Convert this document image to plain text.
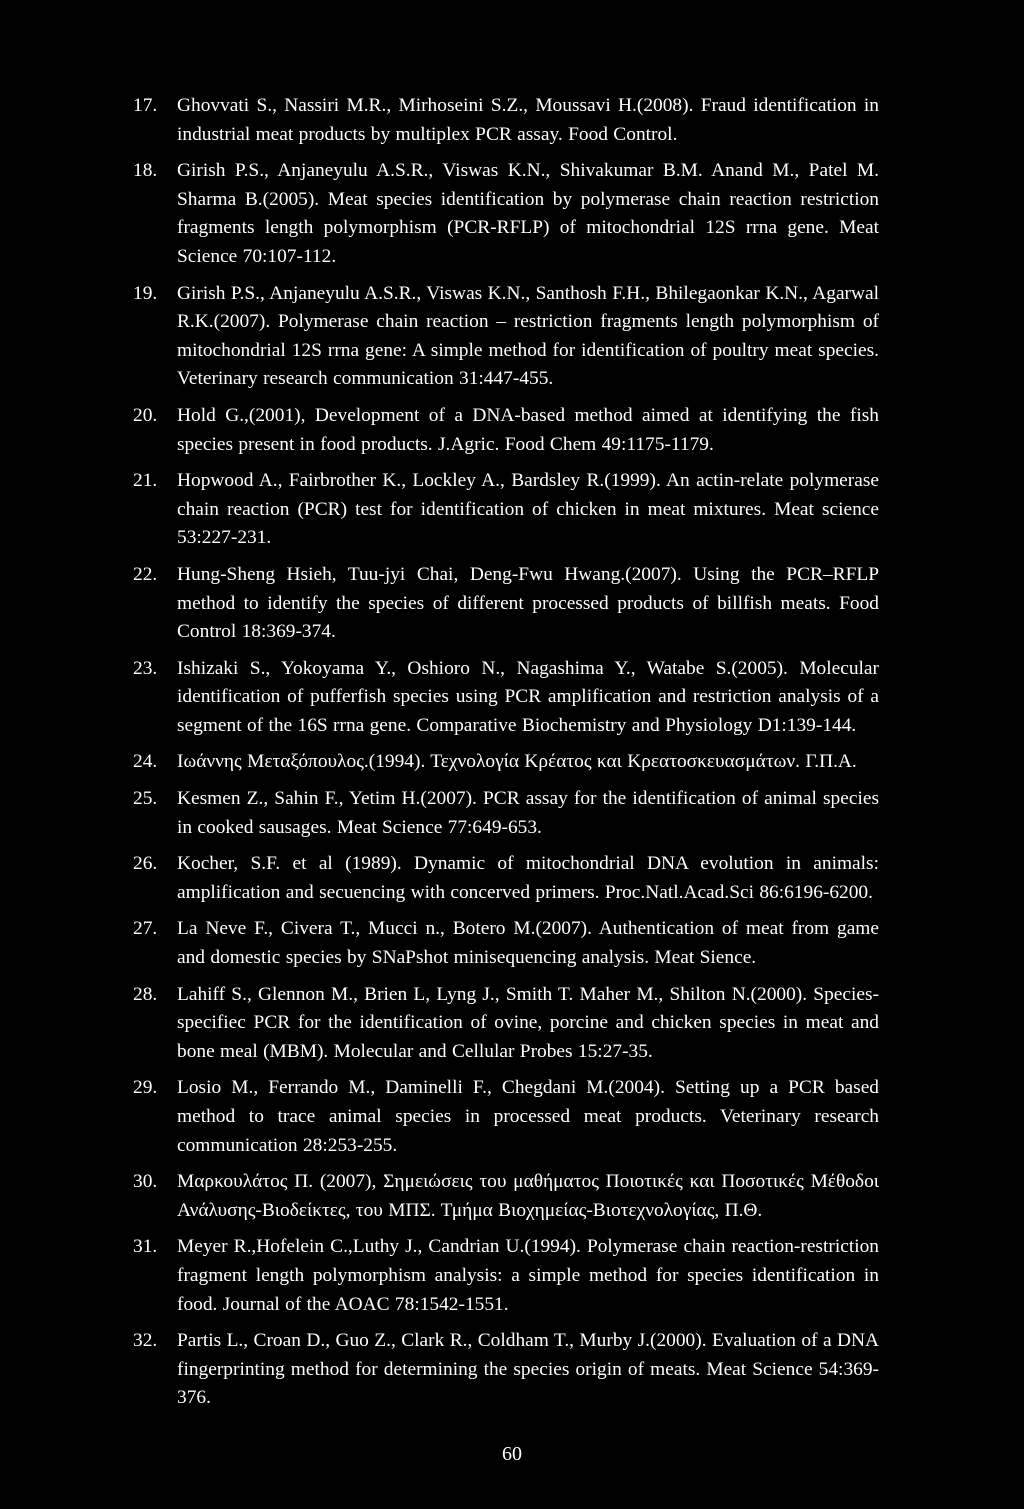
17.	Ghovvati S., Nassiri M.R., Mirhoseini S.Z., Moussavi H.(2008). Fraud identification in industrial meat products by multiplex PCR assay. Food Control.
18.	Girish P.S., Anjaneyulu A.S.R., Viswas K.N., Shivakumar B.M. Anand M., Patel M. Sharma B.(2005). Meat species identification by polymerase chain reaction restriction fragments length polymorphism (PCR-RFLP) of mitochondrial 12S rrna gene. Meat Science 70:107-112.
19.	Girish P.S., Anjaneyulu A.S.R., Viswas K.N., Santhosh F.H., Bhilegaonkar K.N., Agarwal R.K.(2007). Polymerase chain reaction – restriction fragments length polymorphism of mitochondrial 12S rrna gene: A simple method for identification of poultry meat species. Veterinary research communication 31:447-455.
20.	Hold G.,(2001), Development of a DNA-based method aimed at identifying the fish species present in food products. J.Agric. Food Chem 49:1175-1179.
21.	Hopwood A., Fairbrother K., Lockley A., Bardsley R.(1999). An actin-relate polymerase chain reaction (PCR) test for identification of chicken in meat mixtures. Meat science 53:227-231.
22.	Hung-Sheng Hsieh, Tuu-jyi Chai, Deng-Fwu Hwang.(2007). Using the PCR–RFLP method to identify the species of different processed products of billfish meats. Food Control 18:369-374.
23.	Ishizaki S., Yokoyama Y., Oshioro N., Nagashima Y., Watabe S.(2005). Molecular identification of pufferfish species using PCR amplification and restriction analysis of a segment of the 16S rrna gene. Comparative Biochemistry and Physiology D1:139-144.
24.	Ιωάννης Μεταξόπουλος.(1994). Τεχνολογία Κρέατος και Κρεατοσκευασμάτων. Γ.Π.Α.
25.	Kesmen Z., Sahin F., Yetim H.(2007). PCR assay for the identification of animal species in cooked sausages. Meat Science 77:649-653.
26.	Kocher, S.F. et al (1989). Dynamic of mitochondrial DNA evolution in animals: amplification and secuencing with concerved primers. Proc.Natl.Acad.Sci 86:6196-6200.
27.	La Neve F., Civera T., Mucci n., Botero M.(2007). Authentication of meat from game and domestic species by SNaPshot minisequencing analysis. Meat Sience.
28.	Lahiff S., Glennon M., Brien L, Lyng J., Smith T. Maher M., Shilton N.(2000). Species-specifiec PCR for the identification of ovine, porcine and chicken species in meat and bone meal (MBM). Molecular and Cellular Probes 15:27-35.
29.	Losio M., Ferrando M., Daminelli F., Chegdani M.(2004). Setting up a PCR based method to trace animal species in processed meat products. Veterinary research communication 28:253-255.
30.	Μαρκουλάτος Π. (2007), Σημειώσεις του μαθήματος Ποιοτικές και Ποσοτικές Μέθοδοι Ανάλυσης-Βιοδείκτες, του ΜΠΣ. Τμήμα Βιοχημείας-Βιοτεχνολογίας, Π.Θ.
31.	Meyer R.,Hofelein C.,Luthy J., Candrian U.(1994). Polymerase chain reaction-restriction fragment length polymorphism analysis: a simple method for species identification in food. Journal of the AOAC 78:1542-1551.
32.	Partis L., Croan D., Guo Z., Clark R., Coldham T., Murby J.(2000). Evaluation of a DNA fingerprinting method for determining the species origin of meats. Meat Science 54:369-376.
60
